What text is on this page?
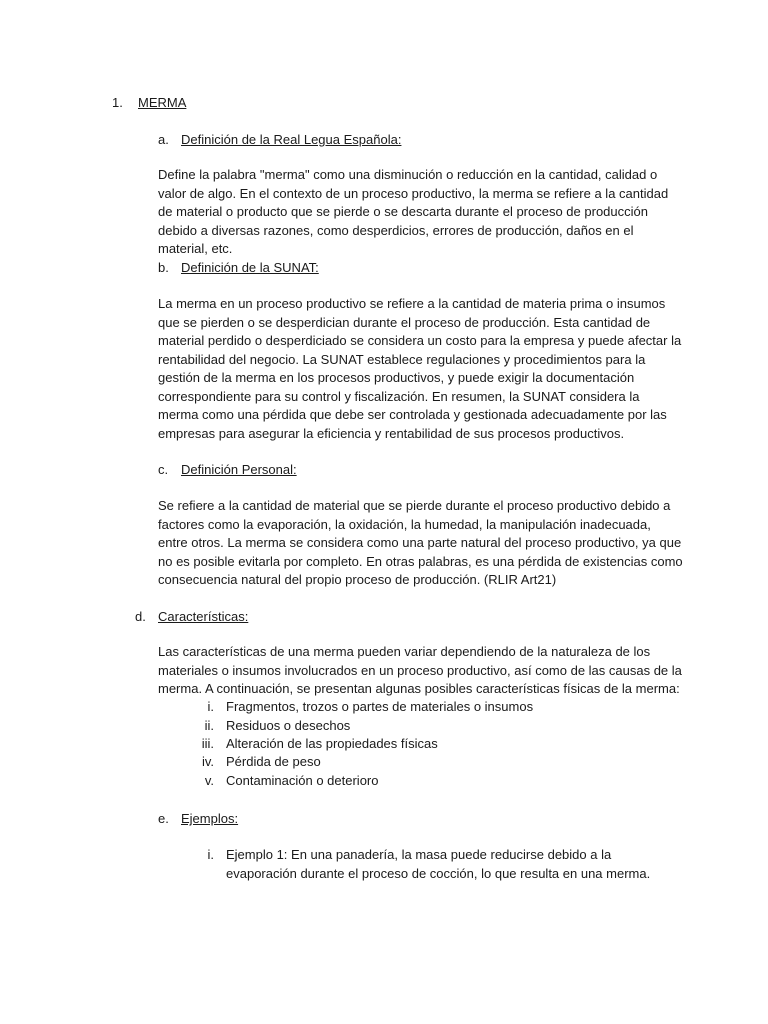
1. MERMA
a. Definición de la Real Legua Española:

Define la palabra "merma" como una disminución o reducción en la cantidad, calidad o valor de algo. En el contexto de un proceso productivo, la merma se refiere a la cantidad de material o producto que se pierde o se descarta durante el proceso de producción debido a diversas razones, como desperdicios, errores de producción, daños en el material, etc.

b. Definición de la SUNAT:

La merma en un proceso productivo se refiere a la cantidad de materia prima o insumos que se pierden o se desperdician durante el proceso de producción. Esta cantidad de material perdido o desperdiciado se considera un costo para la empresa y puede afectar la rentabilidad del negocio. La SUNAT establece regulaciones y procedimientos para la gestión de la merma en los procesos productivos, y puede exigir la documentación correspondiente para su control y fiscalización. En resumen, la SUNAT considera la merma como una pérdida que debe ser controlada y gestionada adecuadamente por las empresas para asegurar la eficiencia y rentabilidad de sus procesos productivos.

c. Definición Personal:

Se refiere a la cantidad de material que se pierde durante el proceso productivo debido a factores como la evaporación, la oxidación, la humedad, la manipulación inadecuada, entre otros. La merma se considera como una parte natural del proceso productivo, ya que no es posible evitarla por completo. En otras palabras, es una pérdida de existencias como consecuencia natural del propio proceso de producción. (RLIR Art21)

d. Características:

Las características de una merma pueden variar dependiendo de la naturaleza de los materiales o insumos involucrados en un proceso productivo, así como de las causas de la merma. A continuación, se presentan algunas posibles características físicas de la merma:

i. Fragmentos, trozos o partes de materiales o insumos
ii. Residuos o desechos
iii. Alteración de las propiedades físicas
iv. Pérdida de peso
v. Contaminación o deterioro
e. Ejemplos:
i. Ejemplo 1: En una panadería, la masa puede reducirse debido a la evaporación durante el proceso de cocción, lo que resulta en una merma.
